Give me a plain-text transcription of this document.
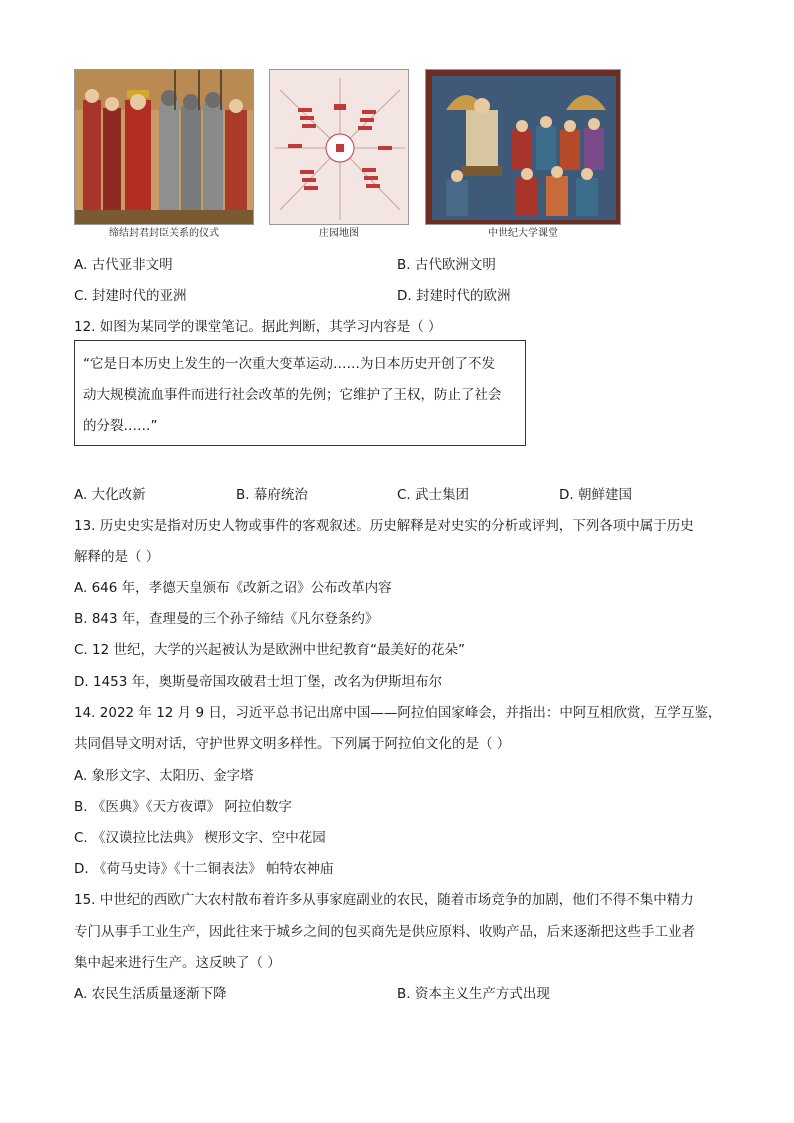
缔结封君封臣关系的仪式	庄园地图	中世纪大学课堂
A. 古代亚非文明	B. 古代欧洲文明
C. 封建时代的亚洲	D. 封建时代的欧洲
12. 如图为某同学的课堂笔记。据此判断，其学习内容是（ ）
“它是日本历史上发生的一次重大变革运动……为日本历史开创了不发
动大规模流血事件而进行社会改革的先例；它维护了王权，防止了社会
的分裂……”
A. 大化改新	B. 幕府统治	C. 武士集团	D. 朝鲜建国
13. 历史史实是指对历史人物或事件的客观叙述。历史解释是对史实的分析或评判，下列各项中属于历史
解释的是（ ）
A. 646 年，孝德天皇颁布《改新之诏》公布改革内容
B. 843 年，查理曼的三个孙子缔结《凡尔登条约》
C. 12 世纪，大学的兴起被认为是欧洲中世纪教育“最美好的花朵”
D. 1453 年，奥斯曼帝国攻破君士坦丁堡，改名为伊斯坦布尔
14. 2022 年 12 月 9 日，习近平总书记出席中国——阿拉伯国家峰会，并指出：中阿互相欣赏，互学互鉴，
共同倡导文明对话，守护世界文明多样性。下列属于阿拉伯文化的是（ ）
A. 象形文字、太阳历、金字塔
B. 《医典》《天方夜谭》 阿拉伯数字
C. 《汉谟拉比法典》 楔形文字、空中花园
D. 《荷马史诗》《十二铜表法》 帕特农神庙
15. 中世纪的西欧广大农村散布着许多从事家庭副业的农民，随着市场竞争的加剧，他们不得不集中精力
专门从事手工业生产，因此往来于城乡之间的包买商先是供应原料、收购产品，后来逐渐把这些手工业者
集中起来进行生产。这反映了（ ）
A. 农民生活质量逐渐下降	B. 资本主义生产方式出现
